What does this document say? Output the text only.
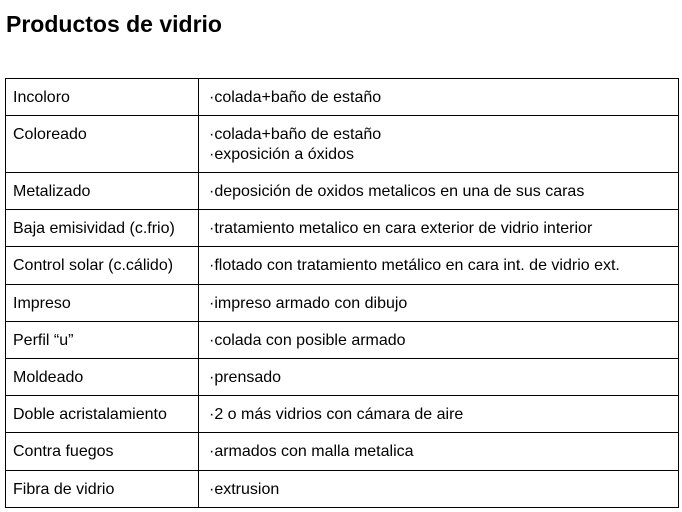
Productos de vidrio
Incoloro	·colada+baño de estaño

Coloreado	·colada+baño de estaño
·exposición a óxidos

Metalizado	·deposición de oxidos metalicos en una de sus caras

Baja emisividad (c.frio)	·tratamiento metalico en cara exterior de vidrio interior

Control solar (c.cálido)	·flotado con tratamiento metálico en cara int. de vidrio ext.

Impreso	·impreso armado con dibujo

Perfil “u”	·colada con posible armado

Moldeado	·prensado

Doble acristalamiento	·2 o más vidrios con cámara de aire

Contra fuegos	·armados con malla metalica

Fibra de vidrio	·extrusion
